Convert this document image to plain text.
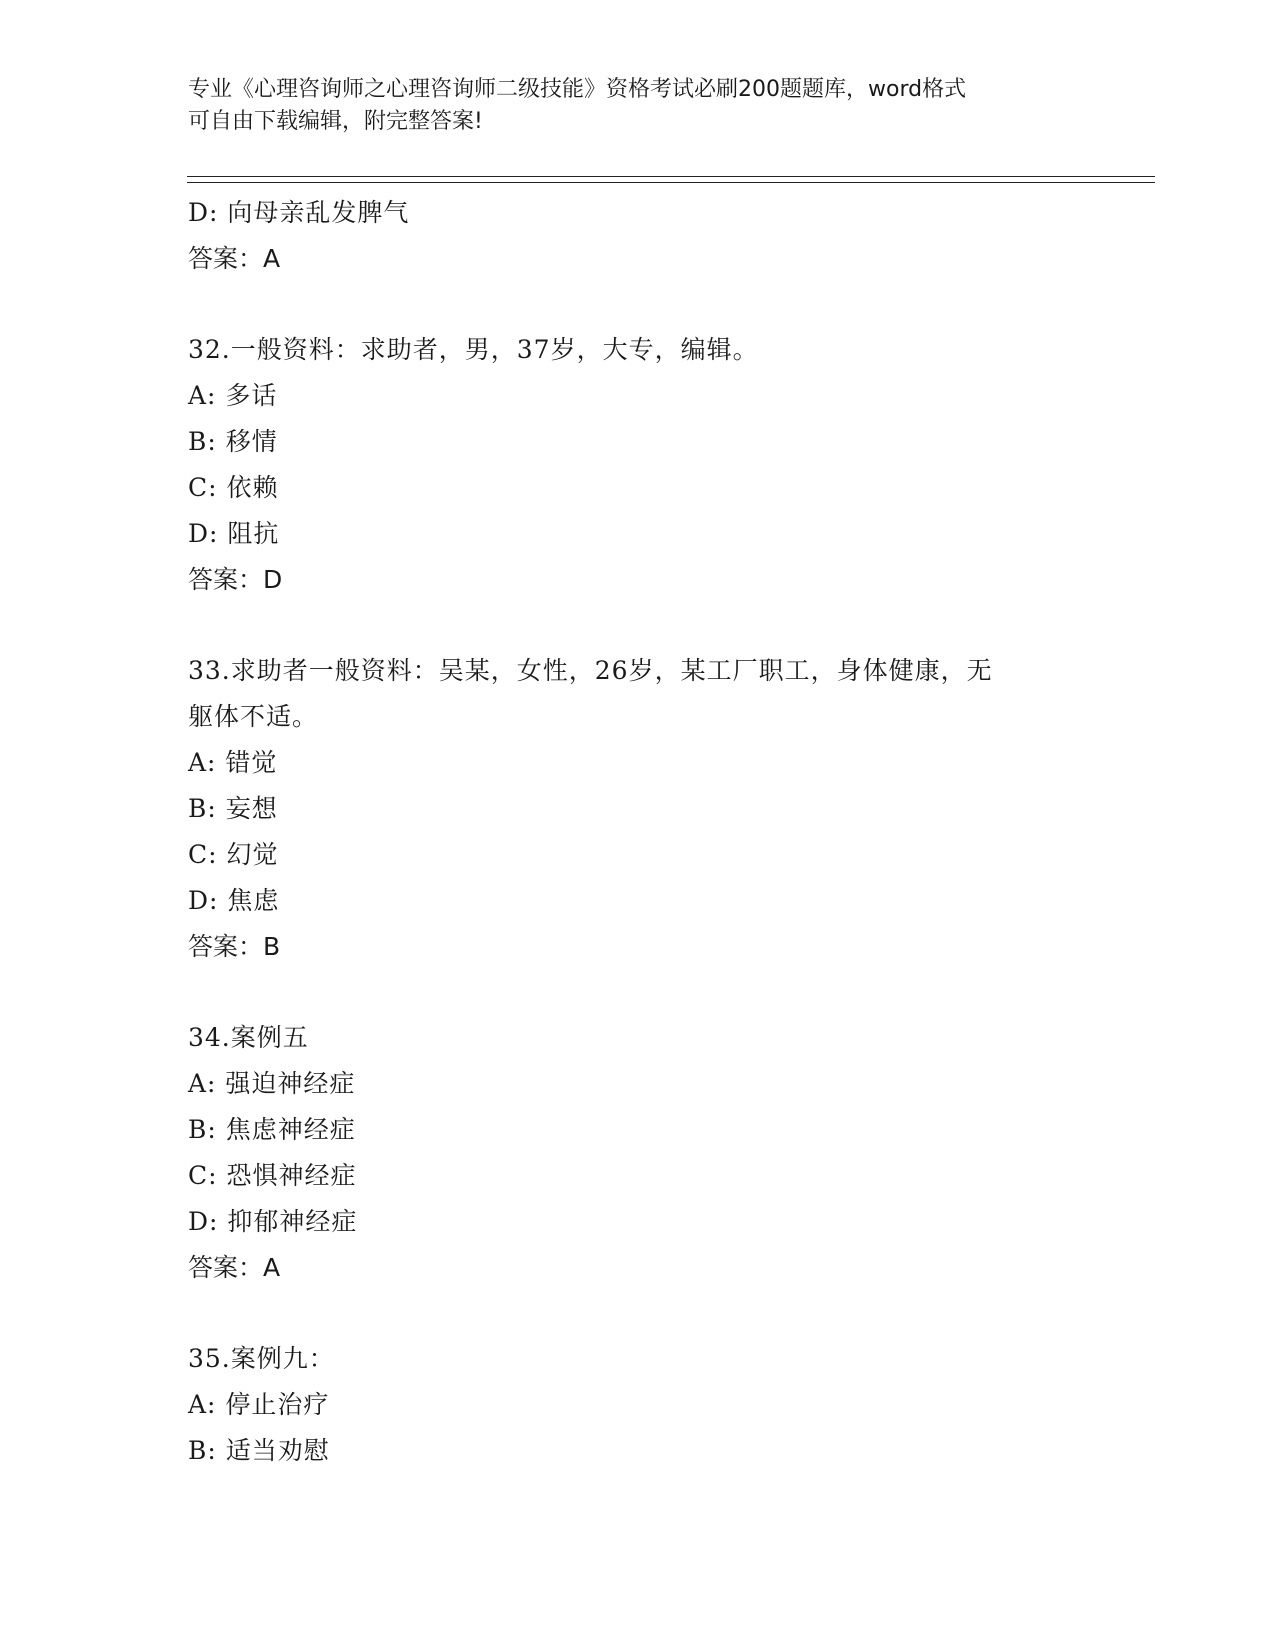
专业《心理咨询师之心理咨询师二级技能》资格考试必刷200题题库，word格式
可自由下载编辑，附完整答案!
D: 向母亲乱发脾气
答案：A
32.一般资料：求助者，男，37岁，大专，编辑。
A: 多话
B: 移情
C: 依赖
D: 阻抗
答案：D
33.求助者一般资料：吴某，女性，26岁，某工厂职工，身体健康，无
躯体不适。
A: 错觉
B: 妄想
C: 幻觉
D: 焦虑
答案：B
34.案例五
A: 强迫神经症
B: 焦虑神经症
C: 恐惧神经症
D: 抑郁神经症
答案：A
35.案例九：
A: 停止治疗
B: 适当劝慰
